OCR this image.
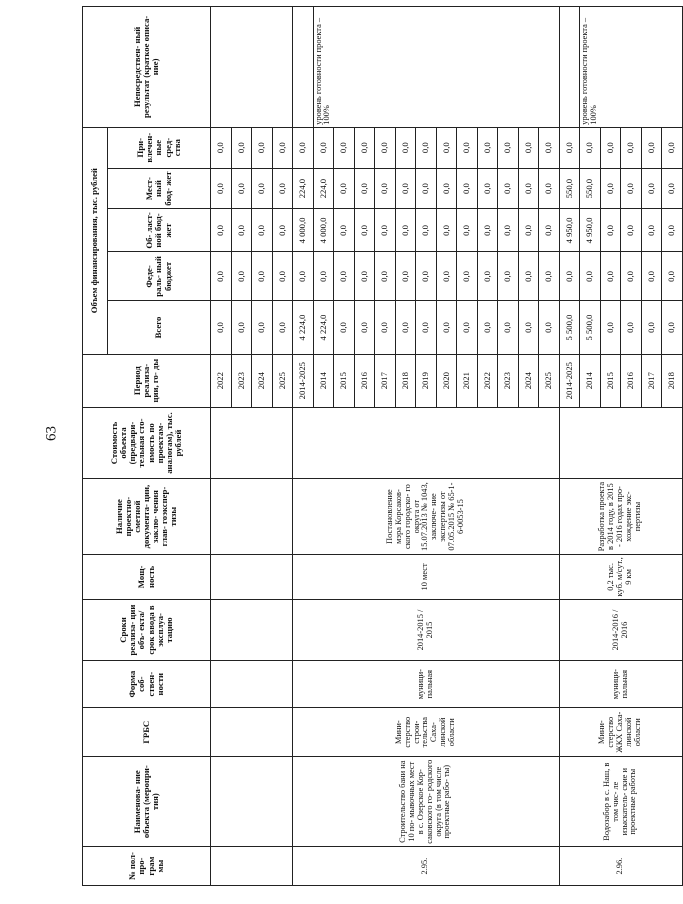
63
№ пол- про- грам мы	Наименова- ние объекта (меропри- тия)	ГРБС	Форма соб- ствен- ности	Сроки реализа- ции объ- екта/срок ввода в эксплуа- тацию	Мощ- ность	Наличие проектно- сметной документа- ции, заклю- чения глав- гоэкспер- тизы	Стоимость объекта (предвари- тельная сто- имость по проектам- аналогам), тыс. рублей	Период реализа- ции, го- ды	Объем финансирования, тыс. рублей					Непосредствен- ный результат (краткое описа- ние)
									Всего	Феде- раль- ный бюджет	Об- ласт- ной бюд- жет	Мест- ный бюд- жет	При- влечен- ные сред- ства	
								2022	0,0	0,0	0,0	0,0	0,0	
								2023	0,0	0,0	0,0	0,0	0,0	
								2024	0,0	0,0	0,0	0,0	0,0	
								2025	0,0	0,0	0,0	0,0	0,0	
2.95.	Строительство бани на 10 по- мывочных мест в с. Озерское Кор- саковского го- родского округа (в том числе проектные рабо- ты)	Мини- стерство строи- тельства Саха- линской области	муници- пальная	2014-2015 / 2015	10 мест	Постановление мэра Корсаков- ского городско- го округа от 15.07.2013 № 1043, заключе- ние экспертизы от 07.05.2015 № 65-1-6-0053-15		2014-2025	4 224,0	0,0	4 000,0	224,0	0,0	
								2014	4 224,0	0,0	4 000,0	224,0	0,0	уровень готовности проекта – 100%
								2015	0,0	0,0	0,0	0,0	0,0	
								2016	0,0	0,0	0,0	0,0	0,0	
								2017	0,0	0,0	0,0	0,0	0,0	
								2018	0,0	0,0	0,0	0,0	0,0	
								2019	0,0	0,0	0,0	0,0	0,0	
								2020	0,0	0,0	0,0	0,0	0,0	
								2021	0,0	0,0	0,0	0,0	0,0	
								2022	0,0	0,0	0,0	0,0	0,0	
								2023	0,0	0,0	0,0	0,0	0,0	
								2024	0,0	0,0	0,0	0,0	0,0	
								2025	0,0	0,0	0,0	0,0	0,0	
2.96.	Водозабор в с. Наш, в том чис- ле изыскатель- ские и проектные работы	Мини- стерство ЖКХ Саха- линской области	муници- пальная	2014-2016 / 2016	0,2 тыс. куб. м/сут., 9 км	Разработка проекта в 2014 году, в 2015 - 2016 годах про- хождение экс- пертизы		2014-2025	5 500,0	0,0	4 950,0	550,0	0,0	
								2014	5 500,0	0,0	4 950,0	550,0	0,0	уровень готовности проекта – 100%
								2015	0,0	0,0	0,0	0,0	0,0	
								2016	0,0	0,0	0,0	0,0	0,0	
								2017	0,0	0,0	0,0	0,0	0,0	
								2018	0,0	0,0	0,0	0,0	0,0	
